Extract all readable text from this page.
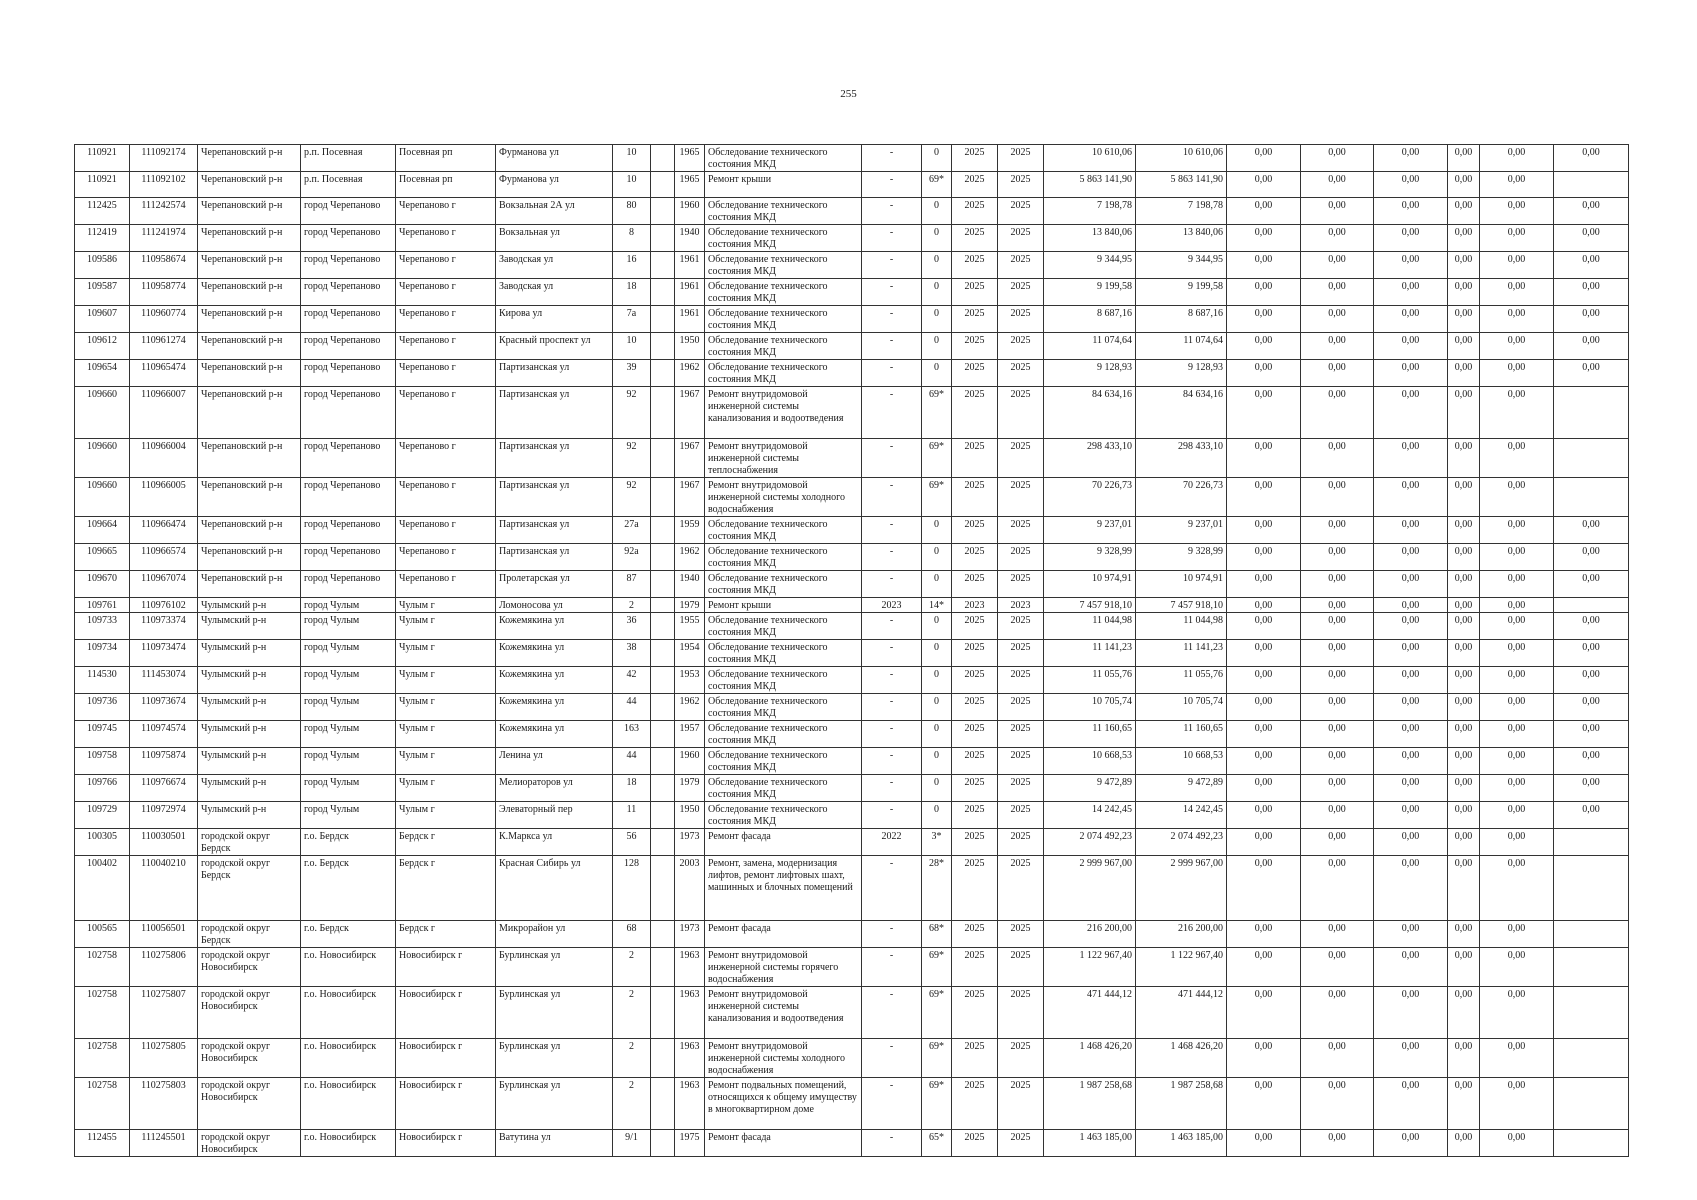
255
110921	111092174	Черепановский р-н	р.п. Посевная	Посевная рп	Фурманова ул	10		1965	Обследование технического состояния МКД	-	0	2025	2025	10 610,06	10 610,06	0,00	0,00	0,00	0,00	0,00	0,00
110921	111092102	Черепановский р-н	р.п. Посевная	Посевная рп	Фурманова ул	10		1965	Ремонт крыши	-	69*	2025	2025	5 863 141,90	5 863 141,90	0,00	0,00	0,00	0,00	0,00	
112425	111242574	Черепановский р-н	город Черепаново	Черепаново г	Вокзальная 2А ул	80		1960	Обследование технического состояния МКД	-	0	2025	2025	7 198,78	7 198,78	0,00	0,00	0,00	0,00	0,00	0,00
112419	111241974	Черепановский р-н	город Черепаново	Черепаново г	Вокзальная ул	8		1940	Обследование технического состояния МКД	-	0	2025	2025	13 840,06	13 840,06	0,00	0,00	0,00	0,00	0,00	0,00
109586	110958674	Черепановский р-н	город Черепаново	Черепаново г	Заводская ул	16		1961	Обследование технического состояния МКД	-	0	2025	2025	9 344,95	9 344,95	0,00	0,00	0,00	0,00	0,00	0,00
109587	110958774	Черепановский р-н	город Черепаново	Черепаново г	Заводская ул	18		1961	Обследование технического состояния МКД	-	0	2025	2025	9 199,58	9 199,58	0,00	0,00	0,00	0,00	0,00	0,00
109607	110960774	Черепановский р-н	город Черепаново	Черепаново г	Кирова ул	7а		1961	Обследование технического состояния МКД	-	0	2025	2025	8 687,16	8 687,16	0,00	0,00	0,00	0,00	0,00	0,00
109612	110961274	Черепановский р-н	город Черепаново	Черепаново г	Красный проспект ул	10		1950	Обследование технического состояния МКД	-	0	2025	2025	11 074,64	11 074,64	0,00	0,00	0,00	0,00	0,00	0,00
109654	110965474	Черепановский р-н	город Черепаново	Черепаново г	Партизанская ул	39		1962	Обследование технического состояния МКД	-	0	2025	2025	9 128,93	9 128,93	0,00	0,00	0,00	0,00	0,00	0,00
109660	110966007	Черепановский р-н	город Черепаново	Черепаново г	Партизанская ул	92		1967	Ремонт внутридомовой инженерной системы канализования и водоотведения	-	69*	2025	2025	84 634,16	84 634,16	0,00	0,00	0,00	0,00	0,00	
109660	110966004	Черепановский р-н	город Черепаново	Черепаново г	Партизанская ул	92		1967	Ремонт внутридомовой инженерной системы теплоснабжения	-	69*	2025	2025	298 433,10	298 433,10	0,00	0,00	0,00	0,00	0,00	
109660	110966005	Черепановский р-н	город Черепаново	Черепаново г	Партизанская ул	92		1967	Ремонт внутридомовой инженерной системы холодного водоснабжения	-	69*	2025	2025	70 226,73	70 226,73	0,00	0,00	0,00	0,00	0,00	
109664	110966474	Черепановский р-н	город Черепаново	Черепаново г	Партизанская ул	27а		1959	Обследование технического состояния МКД	-	0	2025	2025	9 237,01	9 237,01	0,00	0,00	0,00	0,00	0,00	0,00
109665	110966574	Черепановский р-н	город Черепаново	Черепаново г	Партизанская ул	92а		1962	Обследование технического состояния МКД	-	0	2025	2025	9 328,99	9 328,99	0,00	0,00	0,00	0,00	0,00	0,00
109670	110967074	Черепановский р-н	город Черепаново	Черепаново г	Пролетарская ул	87		1940	Обследование технического состояния МКД	-	0	2025	2025	10 974,91	10 974,91	0,00	0,00	0,00	0,00	0,00	0,00
109761	110976102	Чулымский р-н	город Чулым	Чулым г	Ломоносова ул	2		1979	Ремонт крыши	2023	14*	2023	2023	7 457 918,10	7 457 918,10	0,00	0,00	0,00	0,00	0,00	
109733	110973374	Чулымский р-н	город Чулым	Чулым г	Кожемякина ул	36		1955	Обследование технического состояния МКД	-	0	2025	2025	11 044,98	11 044,98	0,00	0,00	0,00	0,00	0,00	0,00
109734	110973474	Чулымский р-н	город Чулым	Чулым г	Кожемякина ул	38		1954	Обследование технического состояния МКД	-	0	2025	2025	11 141,23	11 141,23	0,00	0,00	0,00	0,00	0,00	0,00
114530	111453074	Чулымский р-н	город Чулым	Чулым г	Кожемякина ул	42		1953	Обследование технического состояния МКД	-	0	2025	2025	11 055,76	11 055,76	0,00	0,00	0,00	0,00	0,00	0,00
109736	110973674	Чулымский р-н	город Чулым	Чулым г	Кожемякина ул	44		1962	Обследование технического состояния МКД	-	0	2025	2025	10 705,74	10 705,74	0,00	0,00	0,00	0,00	0,00	0,00
109745	110974574	Чулымский р-н	город Чулым	Чулым г	Кожемякина ул	163		1957	Обследование технического состояния МКД	-	0	2025	2025	11 160,65	11 160,65	0,00	0,00	0,00	0,00	0,00	0,00
109758	110975874	Чулымский р-н	город Чулым	Чулым г	Ленина ул	44		1960	Обследование технического состояния МКД	-	0	2025	2025	10 668,53	10 668,53	0,00	0,00	0,00	0,00	0,00	0,00
109766	110976674	Чулымский р-н	город Чулым	Чулым г	Мелиораторов ул	18		1979	Обследование технического состояния МКД	-	0	2025	2025	9 472,89	9 472,89	0,00	0,00	0,00	0,00	0,00	0,00
109729	110972974	Чулымский р-н	город Чулым	Чулым г	Элеваторный пер	11		1950	Обследование технического состояния МКД	-	0	2025	2025	14 242,45	14 242,45	0,00	0,00	0,00	0,00	0,00	0,00
100305	110030501	городской округ Бердск	г.о. Бердск	Бердск г	К.Маркса ул	56		1973	Ремонт фасада	2022	3*	2025	2025	2 074 492,23	2 074 492,23	0,00	0,00	0,00	0,00	0,00	
100402	110040210	городской округ Бердск	г.о. Бердск	Бердск г	Красная Сибирь ул	128		2003	Ремонт, замена, модернизация лифтов, ремонт лифтовых шахт, машинных и блочных помещений	-	28*	2025	2025	2 999 967,00	2 999 967,00	0,00	0,00	0,00	0,00	0,00	
100565	110056501	городской округ Бердск	г.о. Бердск	Бердск г	Микрорайон ул	68		1973	Ремонт фасада	-	68*	2025	2025	216 200,00	216 200,00	0,00	0,00	0,00	0,00	0,00	
102758	110275806	городской округ Новосибирск	г.о. Новосибирск	Новосибирск г	Бурлинская ул	2		1963	Ремонт внутридомовой инженерной системы горячего водоснабжения	-	69*	2025	2025	1 122 967,40	1 122 967,40	0,00	0,00	0,00	0,00	0,00	
102758	110275807	городской округ Новосибирск	г.о. Новосибирск	Новосибирск г	Бурлинская ул	2		1963	Ремонт внутридомовой инженерной системы канализования и водоотведения	-	69*	2025	2025	471 444,12	471 444,12	0,00	0,00	0,00	0,00	0,00	
102758	110275805	городской округ Новосибирск	г.о. Новосибирск	Новосибирск г	Бурлинская ул	2		1963	Ремонт внутридомовой инженерной системы холодного водоснабжения	-	69*	2025	2025	1 468 426,20	1 468 426,20	0,00	0,00	0,00	0,00	0,00	
102758	110275803	городской округ Новосибирск	г.о. Новосибирск	Новосибирск г	Бурлинская ул	2		1963	Ремонт подвальных помещений, относящихся к общему имуществу в многоквартирном доме	-	69*	2025	2025	1 987 258,68	1 987 258,68	0,00	0,00	0,00	0,00	0,00	
112455	111245501	городской округ Новосибирск	г.о. Новосибирск	Новосибирск г	Ватутина ул	9/1		1975	Ремонт фасада	-	65*	2025	2025	1 463 185,00	1 463 185,00	0,00	0,00	0,00	0,00	0,00	
